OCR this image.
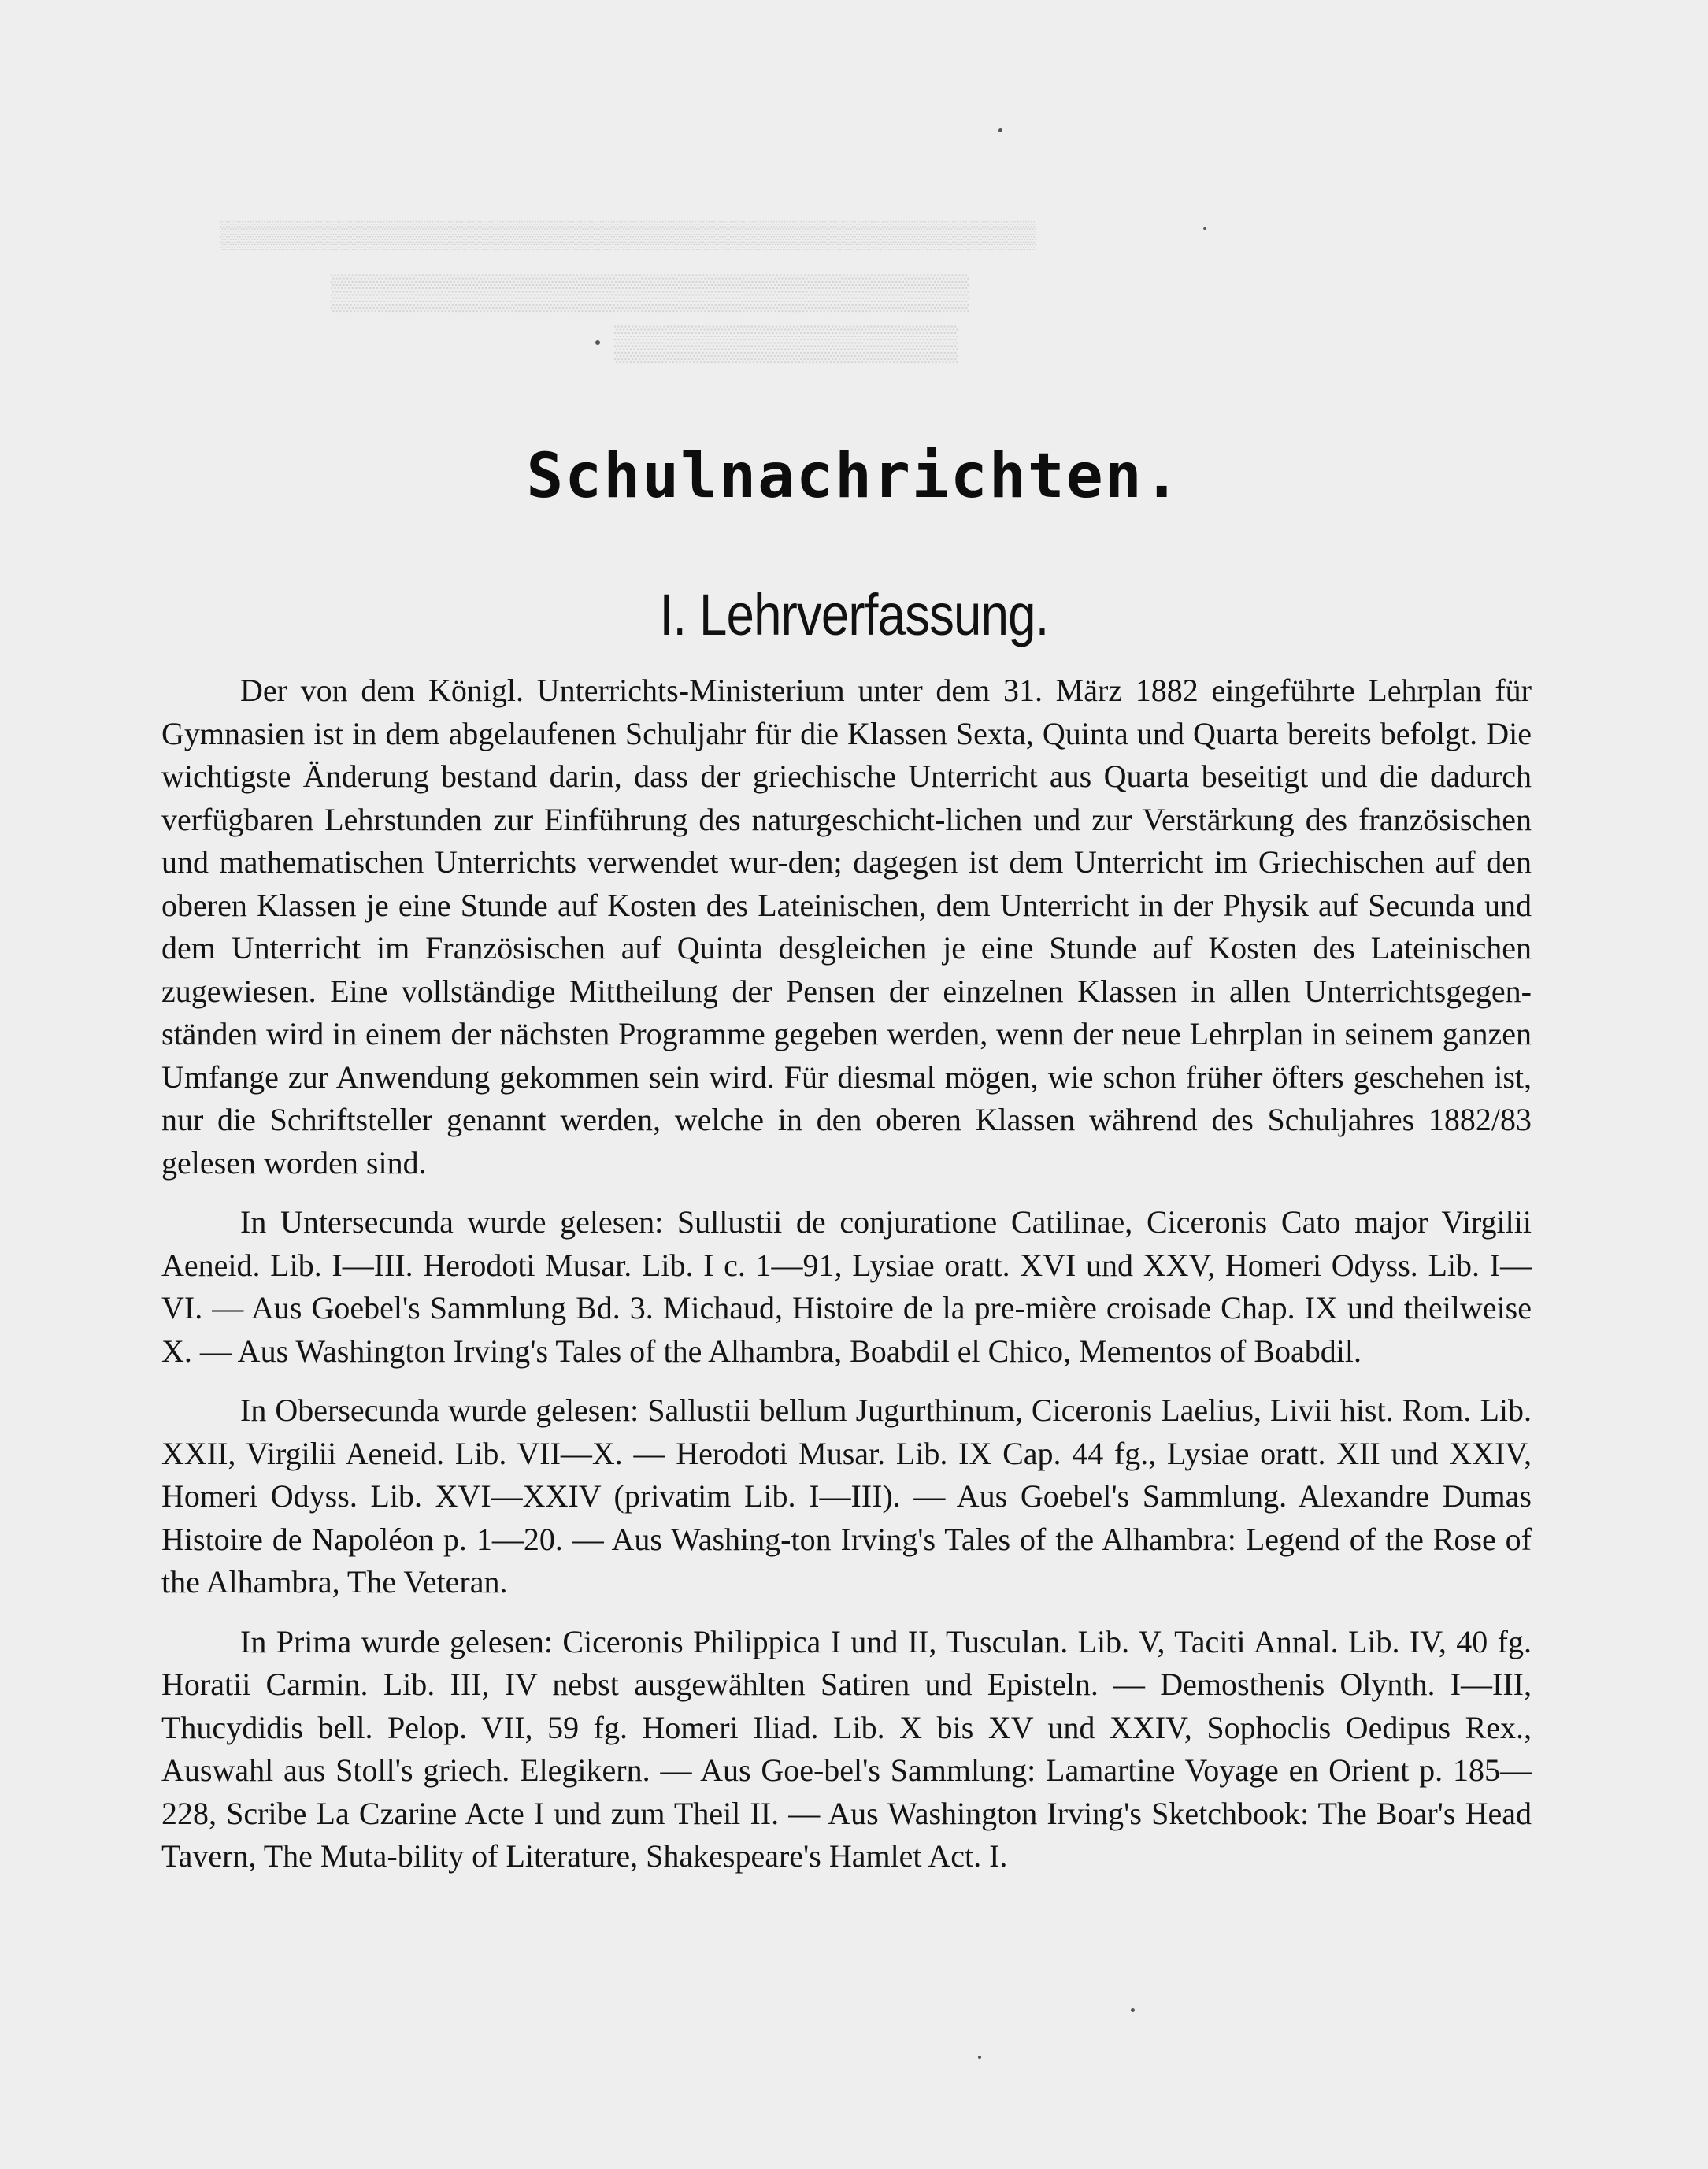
▒▒▒▒▒▒▒▒▒▒▒▒▒▒▒▒▒▒▒▒▒▒▒▒▒▒
▒▒▒▒▒▒▒▒▒▒▒▒▒▒
▒▒▒▒▒▒▒▒▒▒▒▒▒▒▒▒▒▒▒▒▒▒▒▒▒▒▒▒▒▒▒▒▒▒▒▒▒▒▒▒▒▒▒
Schulnachrichten.
I. Lehrverfassung.

Der von dem Königl. Unterrichts-Ministerium unter dem 31. März 1882 eingeführte Lehrplan für Gymnasien ist in dem abgelaufenen Schuljahr für die Klassen Sexta, Quinta und Quarta bereits befolgt. Die wichtigste Änderung bestand darin, dass der griechische Unterricht aus Quarta beseitigt und die dadurch verfügbaren Lehrstunden zur Einführung des naturgeschicht-lichen und zur Verstärkung des französischen und mathematischen Unterrichts verwendet wur-den; dagegen ist dem Unterricht im Griechischen auf den oberen Klassen je eine Stunde auf Kosten des Lateinischen, dem Unterricht in der Physik auf Secunda und dem Unterricht im Französischen auf Quinta desgleichen je eine Stunde auf Kosten des Lateinischen zugewiesen. Eine vollständige Mittheilung der Pensen der einzelnen Klassen in allen Unterrichtsgegen-ständen wird in einem der nächsten Programme gegeben werden, wenn der neue Lehrplan in seinem ganzen Umfange zur Anwendung gekommen sein wird. Für diesmal mögen, wie schon früher öfters geschehen ist, nur die Schriftsteller genannt werden, welche in den oberen Klassen während des Schuljahres 1882/83 gelesen worden sind.

In Untersecunda wurde gelesen: Sullustii de conjuratione Catilinae, Ciceronis Cato major Virgilii Aeneid. Lib. I—III. Herodoti Musar. Lib. I c. 1—91, Lysiae oratt. XVI und XXV, Homeri Odyss. Lib. I—VI. — Aus Goebel's Sammlung Bd. 3. Michaud, Histoire de la pre-mière croisade Chap. IX und theilweise X. — Aus Washington Irving's Tales of the Alhambra, Boabdil el Chico, Mementos of Boabdil.

In Obersecunda wurde gelesen: Sallustii bellum Jugurthinum, Ciceronis Laelius, Livii hist. Rom. Lib. XXII, Virgilii Aeneid. Lib. VII—X. — Herodoti Musar. Lib. IX Cap. 44 fg., Lysiae oratt. XII und XXIV, Homeri Odyss. Lib. XVI—XXIV (privatim Lib. I—III). — Aus Goebel's Sammlung. Alexandre Dumas Histoire de Napoléon p. 1—20. — Aus Washing-ton Irving's Tales of the Alhambra: Legend of the Rose of the Alhambra, The Veteran.

In Prima wurde gelesen: Ciceronis Philippica I und II, Tusculan. Lib. V, Taciti Annal. Lib. IV, 40 fg. Horatii Carmin. Lib. III, IV nebst ausgewählten Satiren und Episteln. — Demosthenis Olynth. I—III, Thucydidis bell. Pelop. VII, 59 fg. Homeri Iliad. Lib. X bis XV und XXIV, Sophoclis Oedipus Rex., Auswahl aus Stoll's griech. Elegikern. — Aus Goe-bel's Sammlung: Lamartine Voyage en Orient p. 185—228, Scribe La Czarine Acte I und zum Theil II. — Aus Washington Irving's Sketchbook: The Boar's Head Tavern, The Muta-bility of Literature, Shakespeare's Hamlet Act. I.
